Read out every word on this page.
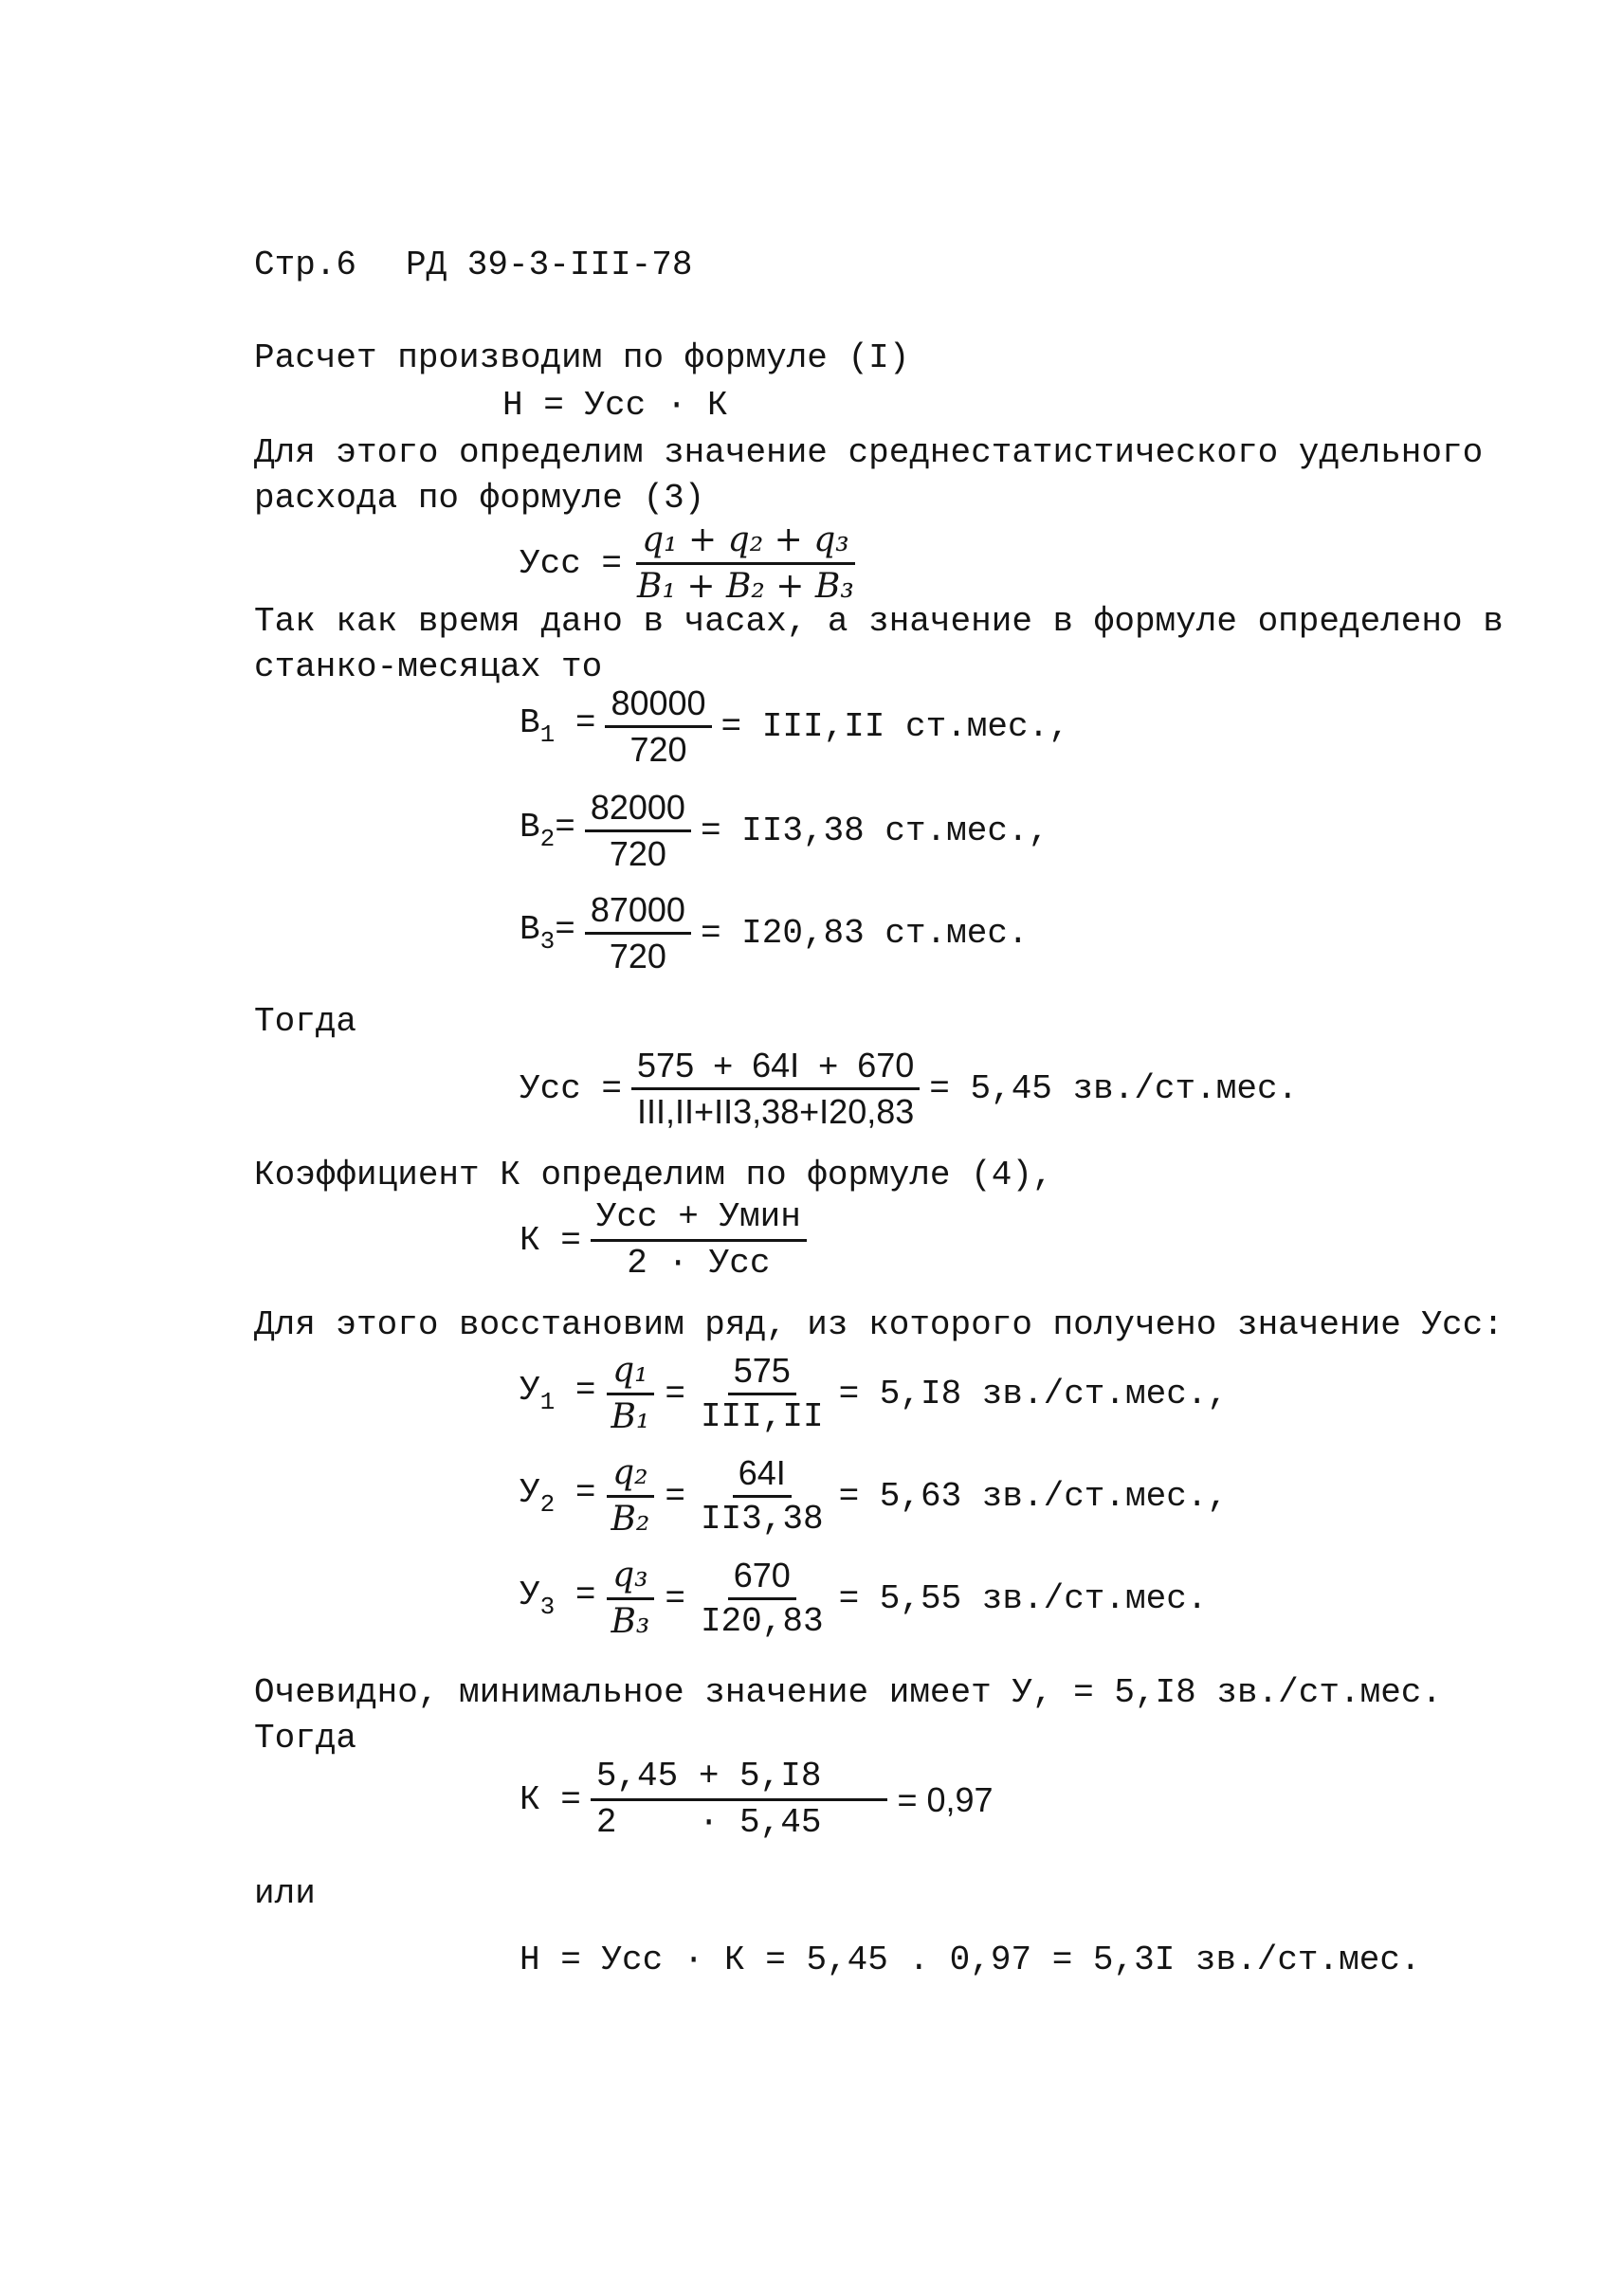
Стр.6 РД 39-3-III-78
Расчет производим по формуле (I)
Н = Усс · К
Для этого определим значение среднестатистического удельного
расхода по формуле (3)
Усс = $\frac{\text{q₁ + q₂ + q₃}}{\text{B₁ + B₂ + B₃}}$
Так как время дано в часах, а значение в формуле определено в
станко-месяцах то
$B_1 = \frac{80000}{720} = III,II$ ст.мес.,
$B_2= \frac{82000}{720} = II3,38$ ст.мес.,
$B_3= \frac{87000}{720} = I20,83$ ст.мес.
Тогда
Усс = $\frac{575 + 64I + 670}{\text{III,II+II3,38+I20,83}} = 5,45$ зв./ст.мес.
Коэффициент К определим по формуле (4),
$К = \frac{\text{Усс + Умин}}{\text{2 · Усс}}$
Для этого восстановим ряд, из которого получено значение Усс:
$У_1 = \frac{\text{q₁}}{\text{B₁}} = \frac{575}{\text{III,II}} = 5,I8$ зв./ст.мес.,
$У_2 = \frac{\text{q₂}}{\text{B₂}} = \frac{64I}{II3,38} = 5,63$ зв./ст.мес.,
$У_3 = \frac{\text{q₃}}{\text{B₃}} = \frac{670}{I20,83} = 5,55$ зв./ст.мес.
Очевидно, минимальное значение имеет У, = 5,I8 зв./ст.мес.
Тогда
$К = \frac{5,45 + 5,I8}{2 \cdot 5,45} = 0,97$
или
Н = Усс · К = 5,45 . 0,97 = 5,3I зв./ст.мес.
